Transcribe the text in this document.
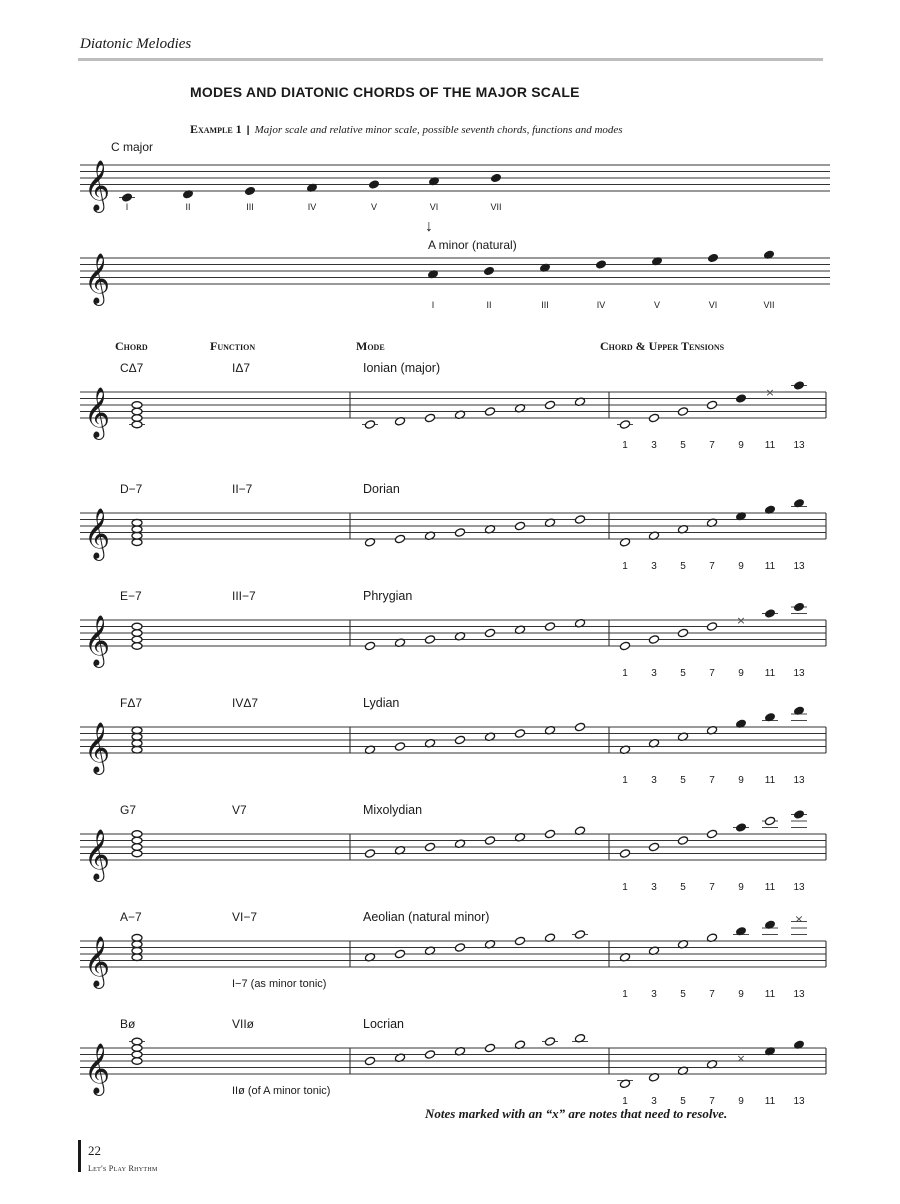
Diatonic Melodies
MODES AND DIATONIC CHORDS OF THE MAJOR SCALE
Example 1 | Major scale and relative minor scale, possible seventh chords, functions and modes
C major
↓
A minor (natural)
Chord	Function	Mode	Chord & Upper Tensions
Notes marked with an “x” are notes that need to resolve.
22
Let's Play Rhythm
𝄞 I	II	III	IV	V	VI	VII
𝄞
I	II	III	IV	V	VI	VII
𝄞	×
CΔ7	IΔ7	Ionian (major)
1 3 5 7 9 11 13
𝄞
D−7	II−7	Dorian
1 3 5 7 9 11 13
𝄞	×
E−7	III−7	Phrygian
1 3 5 7 9 11 13
𝄞
FΔ7	IVΔ7	Lydian
1 3 5 7 9 11 13
𝄞
G7	V7	Mixolydian
1 3 5 7 9 11 13
𝄞
×
A−7	VI−7	Aeolian (natural minor)
I−7 (as minor tonic)
1 3 5 7 9 11 13
𝄞	×
Bø	VIIø	Locrian
IIø (of A minor tonic)
1 3 5 7 9 11 13
